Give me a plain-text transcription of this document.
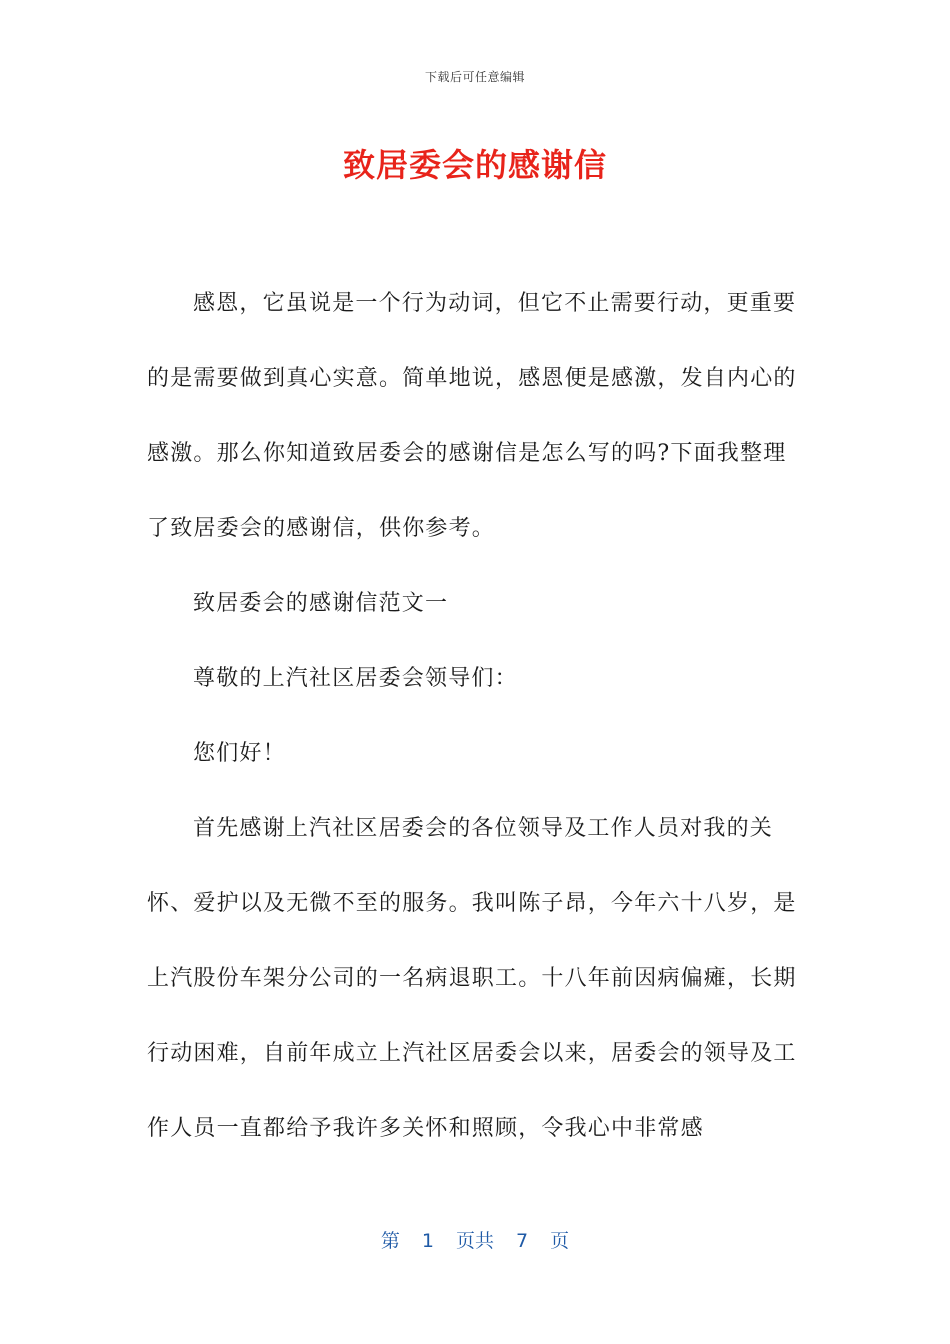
下载后可任意编辑
致居委会的感谢信

感恩，它虽说是一个行为动词，但它不止需要行动，更重要的是需要做到真心实意。简单地说，感恩便是感激，发自内心的感激。那么你知道致居委会的感谢信是怎么写的吗?下面我整理了致居委会的感谢信，供你参考。

致居委会的感谢信范文一

尊敬的上汽社区居委会领导们：

您们好！

首先感谢上汽社区居委会的各位领导及工作人员对我的关怀、爱护以及无微不至的服务。我叫陈子昂，今年六十八岁，是上汽股份车架分公司的一名病退职工。十八年前因病偏瘫，长期行动困难，自前年成立上汽社区居委会以来，居委会的领导及工作人员一直都给予我许多关怀和照顾，令我心中非常感

第 1 页共 7 页
